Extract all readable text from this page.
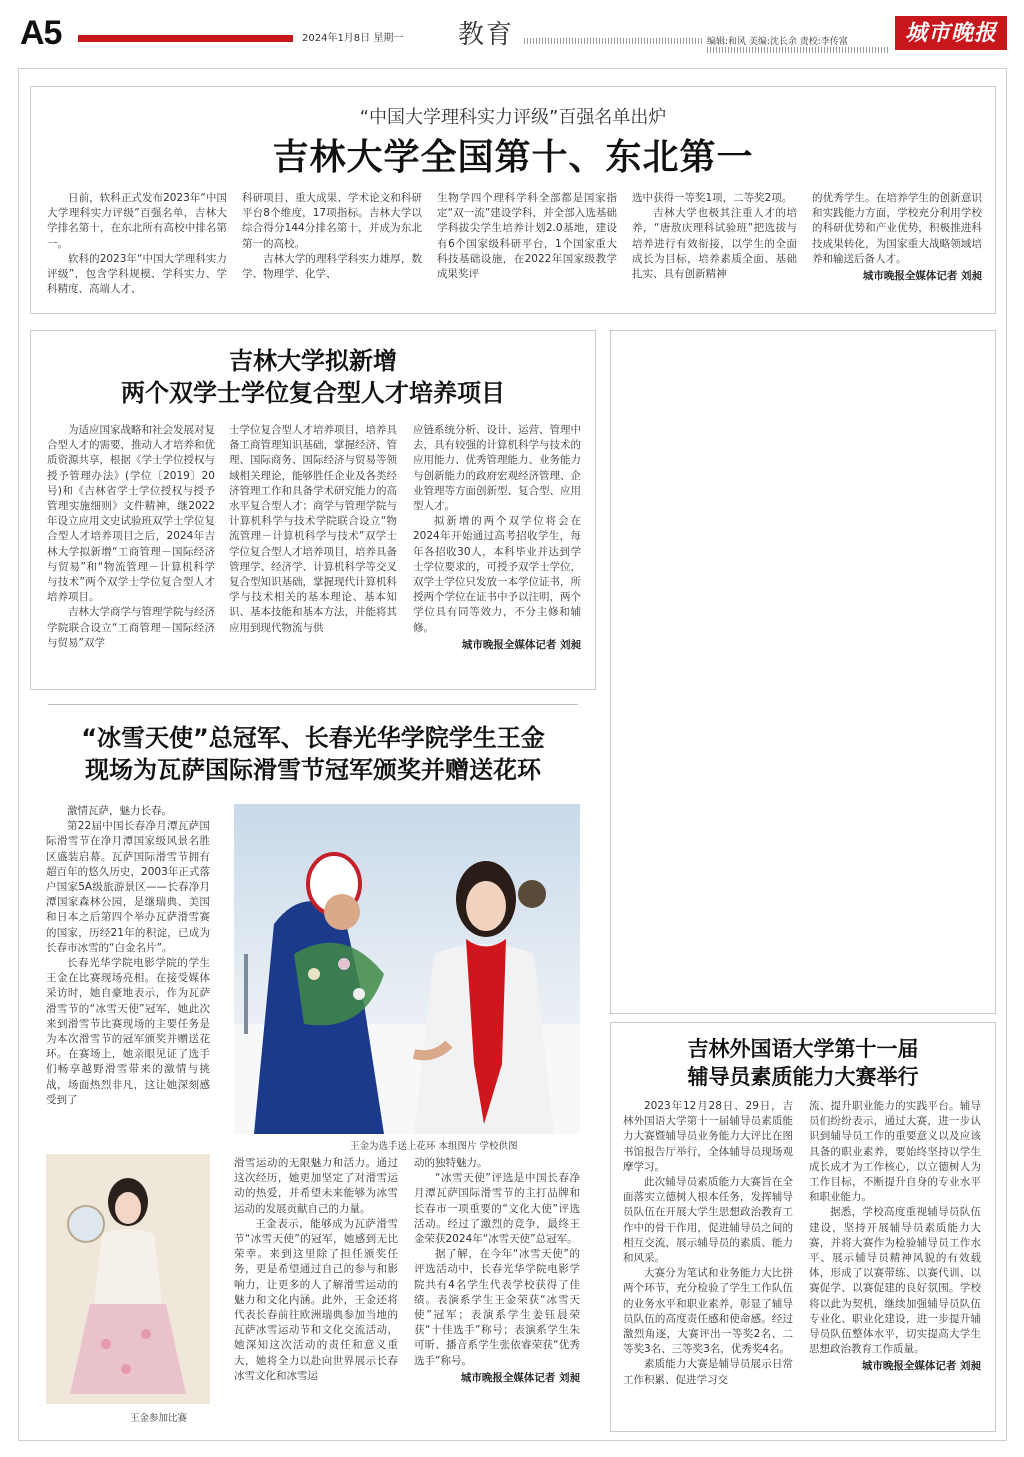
A5	2024年1月8日 星期一 教育	编辑:和风 美编:沈长余 责校:李传富	城市晚报
“中国大学理科实力评级”百强名单出炉
吉林大学全国第十、东北第一

日前，软科正式发布2023年“中国大学理科实力评级”百强名单，吉林大学排名第十，在东北所有高校中排名第一。

软科的2023年“中国大学理科实力评级”，包含学科规模、学科实力、学科精度、高端人才、

科研项目、重大成果、学术论文和科研平台8个维度，17项指标。吉林大学以综合得分144分排名第十，并成为东北第一的高校。

吉林大学的理科学科实力雄厚，数学、物理学、化学、

生物学四个理科学科全部都是国家指定“双一流”建设学科，并全部入选基础学科拔尖学生培养计划2.0基地，建设有6个国家级科研平台，1个国家重大科技基础设施，在2022年国家级教学成果奖评

选中获得一等奖1项，二等奖2项。

吉林大学也极其注重人才的培养，“唐敖庆理科试验班”把选拔与培养进行有效衔接，以学生的全面成长为目标，培养素质全面、基础扎实、具有创新精神

的优秀学生。在培养学生的创新意识和实践能力方面，学校充分利用学校的科研优势和产业优势，积极推进科技成果转化，为国家重大战略领域培养和输送后备人才。

城市晚报全媒体记者 刘昶

吉林大学拟新增
两个双学士学位复合型人才培养项目

为适应国家战略和社会发展对复合型人才的需要，推动人才培养和优质资源共享，根据《学士学位授权与授予管理办法》(学位〔2019〕20号)和《吉林省学士学位授权与授予管理实施细则》文件精神，继2022年设立应用文史试验班双学士学位复合型人才培养项目之后，2024年吉林大学拟新增“工商管理－国际经济与贸易”和“物流管理－计算机科学与技术”两个双学士学位复合型人才培养项目。

吉林大学商学与管理学院与经济学院联合设立“工商管理－国际经济与贸易”双学

士学位复合型人才培养项目，培养具备工商管理知识基础，掌握经济、管理、国际商务、国际经济与贸易等领域相关理论，能够胜任企业及各类经济管理工作和具备学术研究能力的高水平复合型人才；商学与管理学院与计算机科学与技术学院联合设立“物流管理－计算机科学与技术”双学士学位复合型人才培养项目，培养具备管理学、经济学、计算机科学等交叉复合型知识基础，掌握现代计算机科学与技术相关的基本理论、基本知识、基本技能和基本方法，并能将其应用到现代物流与供

应链系统分析、设计、运营、管理中去，具有较强的计算机科学与技术的应用能力、优秀管理能力、业务能力与创新能力的政府宏观经济管理、企业管理等方面创新型、复合型、应用型人才。

拟新增的两个双学位将会在2024年开始通过高考招收学生，每年各招收30人，本科毕业并达到学士学位要求的，可授予双学士学位，双学士学位只发放一本学位证书，所授两个学位在证书中予以注明，两个学位具有同等效力，不分主修和辅修。

城市晚报全媒体记者 刘昶

“冰雪天使”总冠军、长春光华学院学生王金
现场为瓦萨国际滑雪节冠军颁奖并赠送花环

激情瓦萨，魅力长春。

第22届中国长春净月潭瓦萨国际滑雪节在净月潭国家级风景名胜区盛装启幕。瓦萨国际滑雪节拥有超百年的悠久历史，2003年正式落户国家5A级旅游景区——长春净月潭国家森林公园，是继瑞典、美国和日本之后第四个举办瓦萨滑雪赛的国家，历经21年的积淀，已成为长春市冰雪的“白金名片”。

长春光华学院电影学院的学生王金在比赛现场亮相。在接受媒体采访时，她自豪地表示，作为瓦萨滑雪节的“冰雪天使”冠军，她此次来到滑雪节比赛现场的主要任务是为本次滑雪节的冠军颁奖并赠送花环。在赛场上，她亲眼见证了选手们畅享越野滑雪带来的激情与挑战，场面热烈非凡，这让她深刻感受到了

王金为选手送上花环 本组图片 学校供图
王金参加比赛

滑雪运动的无限魅力和活力。通过这次经历，她更加坚定了对滑雪运动的热爱，并希望未来能够为冰雪运动的发展贡献自己的力量。

王金表示，能够成为瓦萨滑雪节“冰雪天使”的冠军，她感到无比荣幸。来到这里除了担任颁奖任务，更是希望通过自己的参与和影响力，让更多的人了解滑雪运动的魅力和文化内涵。此外，王金还将代表长春前往欧洲瑞典参加当地的瓦萨冰雪运动节和文化交流活动，她深知这次活动的责任和意义重大，她将全力以赴向世界展示长春冰雪文化和冰雪运

动的独特魅力。

“冰雪天使”评选是中国长春净月潭瓦萨国际滑雪节的主打品牌和长春市一项重要的“文化大使”评选活动。经过了激烈的竞争，最终王金荣获2024年“冰雪天使”总冠军。

据了解，在今年“冰雪天使”的评选活动中，长春光华学院电影学院共有4名学生代表学校获得了佳绩。表演系学生王金荣获“冰雪天使”冠军；表演系学生姜钰晨荣获“十佳选手”称号；表演系学生朱可昕、播音系学生张依睿荣获“优秀选手”称号。

城市晚报全媒体记者 刘昶

吉林外国语大学第十一届
辅导员素质能力大赛举行

2023年12月28日、29日，吉林外国语大学第十一届辅导员素质能力大赛暨辅导员业务能力大评比在图书馆报告厅举行，全体辅导员现场观摩学习。

此次辅导员素质能力大赛旨在全面落实立德树人根本任务，发挥辅导员队伍在开展大学生思想政治教育工作中的骨干作用，促进辅导员之间的相互交流，展示辅导员的素质、能力和风采。

大赛分为笔试和业务能力大比拼两个环节，充分检验了学生工作队伍的业务水平和职业素养，彰显了辅导员队伍的高度责任感和使命感。经过激烈角逐，大赛评出一等奖2名、二等奖3名、三等奖3名，优秀奖4名。

素质能力大赛是辅导员展示日常工作积累、促进学习交

流、提升职业能力的实践平台。辅导员们纷纷表示，通过大赛，进一步认识到辅导员工作的重要意义以及应该具备的职业素养，要始终坚持以学生成长成才为工作核心，以立德树人为工作目标，不断提升自身的专业水平和职业能力。

据悉，学校高度重视辅导员队伍建设，坚持开展辅导员素质能力大赛，并将大赛作为检验辅导员工作水平、展示辅导员精神风貌的有效载体，形成了以赛带练、以赛代训、以赛促学、以赛促建的良好氛围。学校将以此为契机，继续加强辅导员队伍专业化、职业化建设，进一步提升辅导员队伍整体水平，切实提高大学生思想政治教育工作质量。

城市晚报全媒体记者 刘昶
